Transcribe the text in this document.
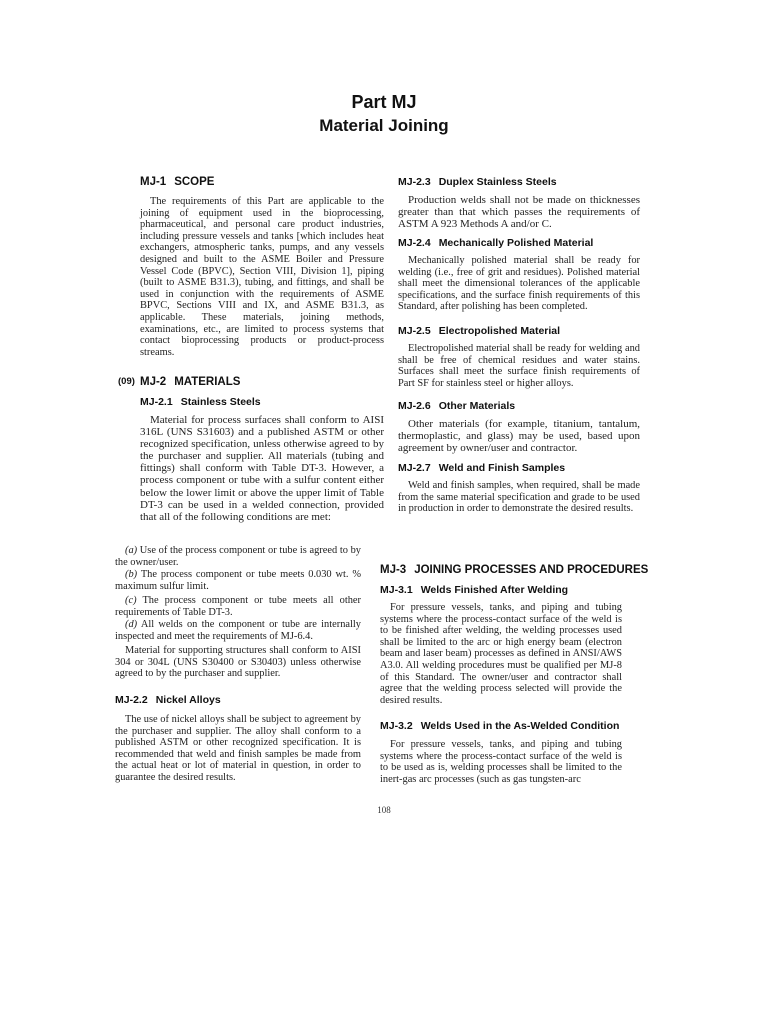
Part MJ
Material Joining
MJ-1 SCOPE

The requirements of this Part are applicable to the joining of equipment used in the bioprocessing, pharmaceutical, and personal care product industries, including pressure vessels and tanks [which includes heat exchangers, atmospheric tanks, pumps, and any vessels designed and built to the ASME Boiler and Pressure Vessel Code (BPVC), Section VIII, Division 1], piping (built to ASME B31.3), tubing, and fittings, and shall be used in conjunction with the requirements of ASME BPVC, Sections VIII and IX, and ASME B31.3, as applicable. These materials, joining methods, examinations, etc., are limited to process systems that contact bioprocessing products or product-process streams.

(09) MJ-2 MATERIALS
MJ-2.1 Stainless Steels

Material for process surfaces shall conform to AISI 316L (UNS S31603) and a published ASTM or other recognized specification, unless otherwise agreed to by the purchaser and supplier. All materials (tubing and fittings) shall conform with Table DT-3. However, a process component or tube with a sulfur content either below the lower limit or above the upper limit of Table DT-3 can be used in a welded connection, provided that all of the following conditions are met:

(a) Use of the process component or tube is agreed to by the owner/user.

(b) The process component or tube meets 0.030 wt. % maximum sulfur limit.

(c) The process component or tube meets all other requirements of Table DT-3.

(d) All welds on the component or tube are internally inspected and meet the requirements of MJ-6.4.

Material for supporting structures shall conform to AISI 304 or 304L (UNS S30400 or S30403) unless otherwise agreed to by the purchaser and supplier.

MJ-2.2 Nickel Alloys

The use of nickel alloys shall be subject to agreement by the purchaser and supplier. The alloy shall conform to a published ASTM or other recognized specification. It is recommended that weld and finish samples be made from the actual heat or lot of material in question, in order to guarantee the desired results.

MJ-2.3 Duplex Stainless Steels

Production welds shall not be made on thicknesses greater than that which passes the requirements of ASTM A 923 Methods A and/or C.

MJ-2.4 Mechanically Polished Material

Mechanically polished material shall be ready for welding (i.e., free of grit and residues). Polished material shall meet the dimensional tolerances of the applicable specifications, and the surface finish requirements of this Standard, after polishing has been completed.

MJ-2.5 Electropolished Material

Electropolished material shall be ready for welding and shall be free of chemical residues and water stains. Surfaces shall meet the surface finish requirements of Part SF for stainless steel or higher alloys.

MJ-2.6 Other Materials

Other materials (for example, titanium, tantalum, thermoplastic, and glass) may be used, based upon agreement by owner/user and contractor.

MJ-2.7 Weld and Finish Samples

Weld and finish samples, when required, shall be made from the same material specification and grade to be used in production in order to demonstrate the desired results.

MJ-3 JOINING PROCESSES AND PROCEDURES
MJ-3.1 Welds Finished After Welding

For pressure vessels, tanks, and piping and tubing systems where the process-contact surface of the weld is to be finished after welding, the welding processes used shall be limited to the arc or high energy beam (electron beam and laser beam) processes as defined in ANSI/AWS A3.0. All welding procedures must be qualified per MJ-8 of this Standard. The owner/user and contractor shall agree that the welding process selected will provide the desired results.

MJ-3.2 Welds Used in the As-Welded Condition

For pressure vessels, tanks, and piping and tubing systems where the process-contact surface of the weld is to be used as is, welding processes shall be limited to the inert-gas arc processes (such as gas tungsten-arc

108
